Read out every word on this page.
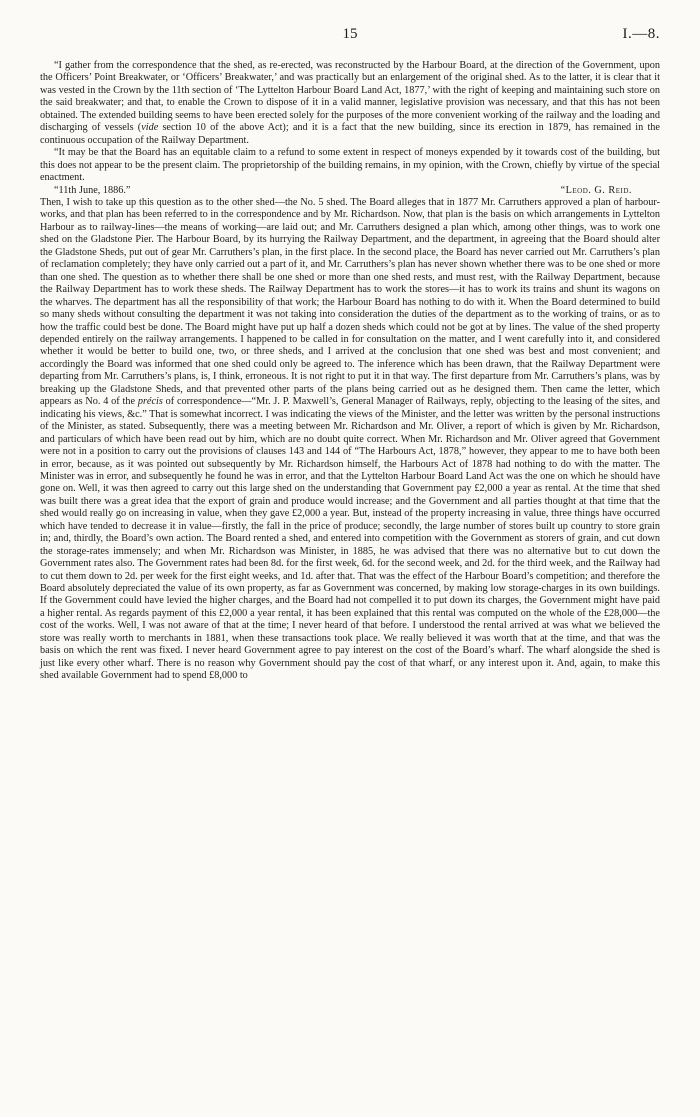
15	I.—8.

“I gather from the correspondence that the shed, as re-erected, was reconstructed by the Harbour Board, at the direction of the Government, upon the Officers’ Point Breakwater, or ‘Officers’ Breakwater,’ and was practically but an enlargement of the original shed. As to the latter, it is clear that it was vested in the Crown by the 11th section of ‘The Lyttelton Harbour Board Land Act, 1877,’ with the right of keeping and maintaining such store on the said breakwater; and that, to enable the Crown to dispose of it in a valid manner, legislative provision was necessary, and that this has not been obtained. The extended building seems to have been erected solely for the purposes of the more convenient working of the railway and the loading and discharging of vessels (vide section 10 of the above Act); and it is a fact that the new building, since its erection in 1879, has remained in the continuous occupation of the Railway Department.

“It may be that the Board has an equitable claim to a refund to some extent in respect of moneys expended by it towards cost of the building, but this does not appear to be the present claim. The proprietorship of the building remains, in my opinion, with the Crown, chiefly by virtue of the special enactment.

“11th June, 1886.”	“Leod. G. Reid.

Then, I wish to take up this question as to the other shed—the No. 5 shed. The Board alleges that in 1877 Mr. Carruthers approved a plan of harbour-works, and that plan has been referred to in the correspondence and by Mr. Richardson. Now, that plan is the basis on which arrangements in Lyttelton Harbour as to railway-lines—the means of working—are laid out; and Mr. Carruthers designed a plan which, among other things, was to work one shed on the Gladstone Pier. The Harbour Board, by its hurrying the Railway Department, and the department, in agreeing that the Board should alter the Gladstone Sheds, put out of gear Mr. Carruthers’s plan, in the first place. In the second place, the Board has never carried out Mr. Carruthers’s plan of reclamation completely; they have only carried out a part of it, and Mr. Carruthers’s plan has never shown whether there was to be one shed or more than one shed. The question as to whether there shall be one shed or more than one shed rests, and must rest, with the Railway Department, because the Railway Department has to work these sheds. The Railway Department has to work the stores—it has to work its trains and shunt its wagons on the wharves. The department has all the responsibility of that work; the Harbour Board has nothing to do with it. When the Board determined to build so many sheds without consulting the department it was not taking into consideration the duties of the department as to the working of trains, or as to how the traffic could best be done. The Board might have put up half a dozen sheds which could not be got at by lines. The value of the shed property depended entirely on the railway arrangements. I happened to be called in for consultation on the matter, and I went carefully into it, and considered whether it would be better to build one, two, or three sheds, and I arrived at the conclusion that one shed was best and most convenient; and accordingly the Board was informed that one shed could only be agreed to. The inference which has been drawn, that the Railway Department were departing from Mr. Carruthers’s plans, is, I think, erroneous. It is not right to put it in that way. The first departure from Mr. Carruthers’s plans, was by breaking up the Gladstone Sheds, and that prevented other parts of the plans being carried out as he designed them. Then came the letter, which appears as No. 4 of the précis of correspondence—“Mr. J. P. Maxwell’s, General Manager of Railways, reply, objecting to the leasing of the sites, and indicating his views, &c.” That is somewhat incorrect. I was indicating the views of the Minister, and the letter was written by the personal instructions of the Minister, as stated. Subsequently, there was a meeting between Mr. Richardson and Mr. Oliver, a report of which is given by Mr. Richardson, and particulars of which have been read out by him, which are no doubt quite correct. When Mr. Richardson and Mr. Oliver agreed that Government were not in a position to carry out the provisions of clauses 143 and 144 of “The Harbours Act, 1878,” however, they appear to me to have both been in error, because, as it was pointed out subsequently by Mr. Richardson himself, the Harbours Act of 1878 had nothing to do with the matter. The Minister was in error, and subsequently he found he was in error, and that the Lyttelton Harbour Board Land Act was the one on which he should have gone on. Well, it was then agreed to carry out this large shed on the understanding that Government pay £2,000 a year as rental. At the time that shed was built there was a great idea that the export of grain and produce would increase; and the Government and all parties thought at that time that the shed would really go on increasing in value, when they gave £2,000 a year. But, instead of the property increasing in value, three things have occurred which have tended to decrease it in value—firstly, the fall in the price of produce; secondly, the large number of stores built up country to store grain in; and, thirdly, the Board’s own action. The Board rented a shed, and entered into competition with the Government as storers of grain, and cut down the storage-rates immensely; and when Mr. Richardson was Minister, in 1885, he was advised that there was no alternative but to cut down the Government rates also. The Government rates had been 8d. for the first week, 6d. for the second week, and 2d. for the third week, and the Railway had to cut them down to 2d. per week for the first eight weeks, and 1d. after that. That was the effect of the Harbour Board’s competition; and therefore the Board absolutely depreciated the value of its own property, as far as Government was concerned, by making low storage-charges in its own buildings. If the Government could have levied the higher charges, and the Board had not compelled it to put down its charges, the Government might have paid a higher rental. As regards payment of this £2,000 a year rental, it has been explained that this rental was computed on the whole of the £28,000—the cost of the works. Well, I was not aware of that at the time; I never heard of that before. I understood the rental arrived at was what we believed the store was really worth to merchants in 1881, when these transactions took place. We really believed it was worth that at the time, and that was the basis on which the rent was fixed. I never heard Government agree to pay interest on the cost of the Board’s wharf. The wharf alongside the shed is just like every other wharf. There is no reason why Government should pay the cost of that wharf, or any interest upon it. And, again, to make this shed available Government had to spend £8,000 to
